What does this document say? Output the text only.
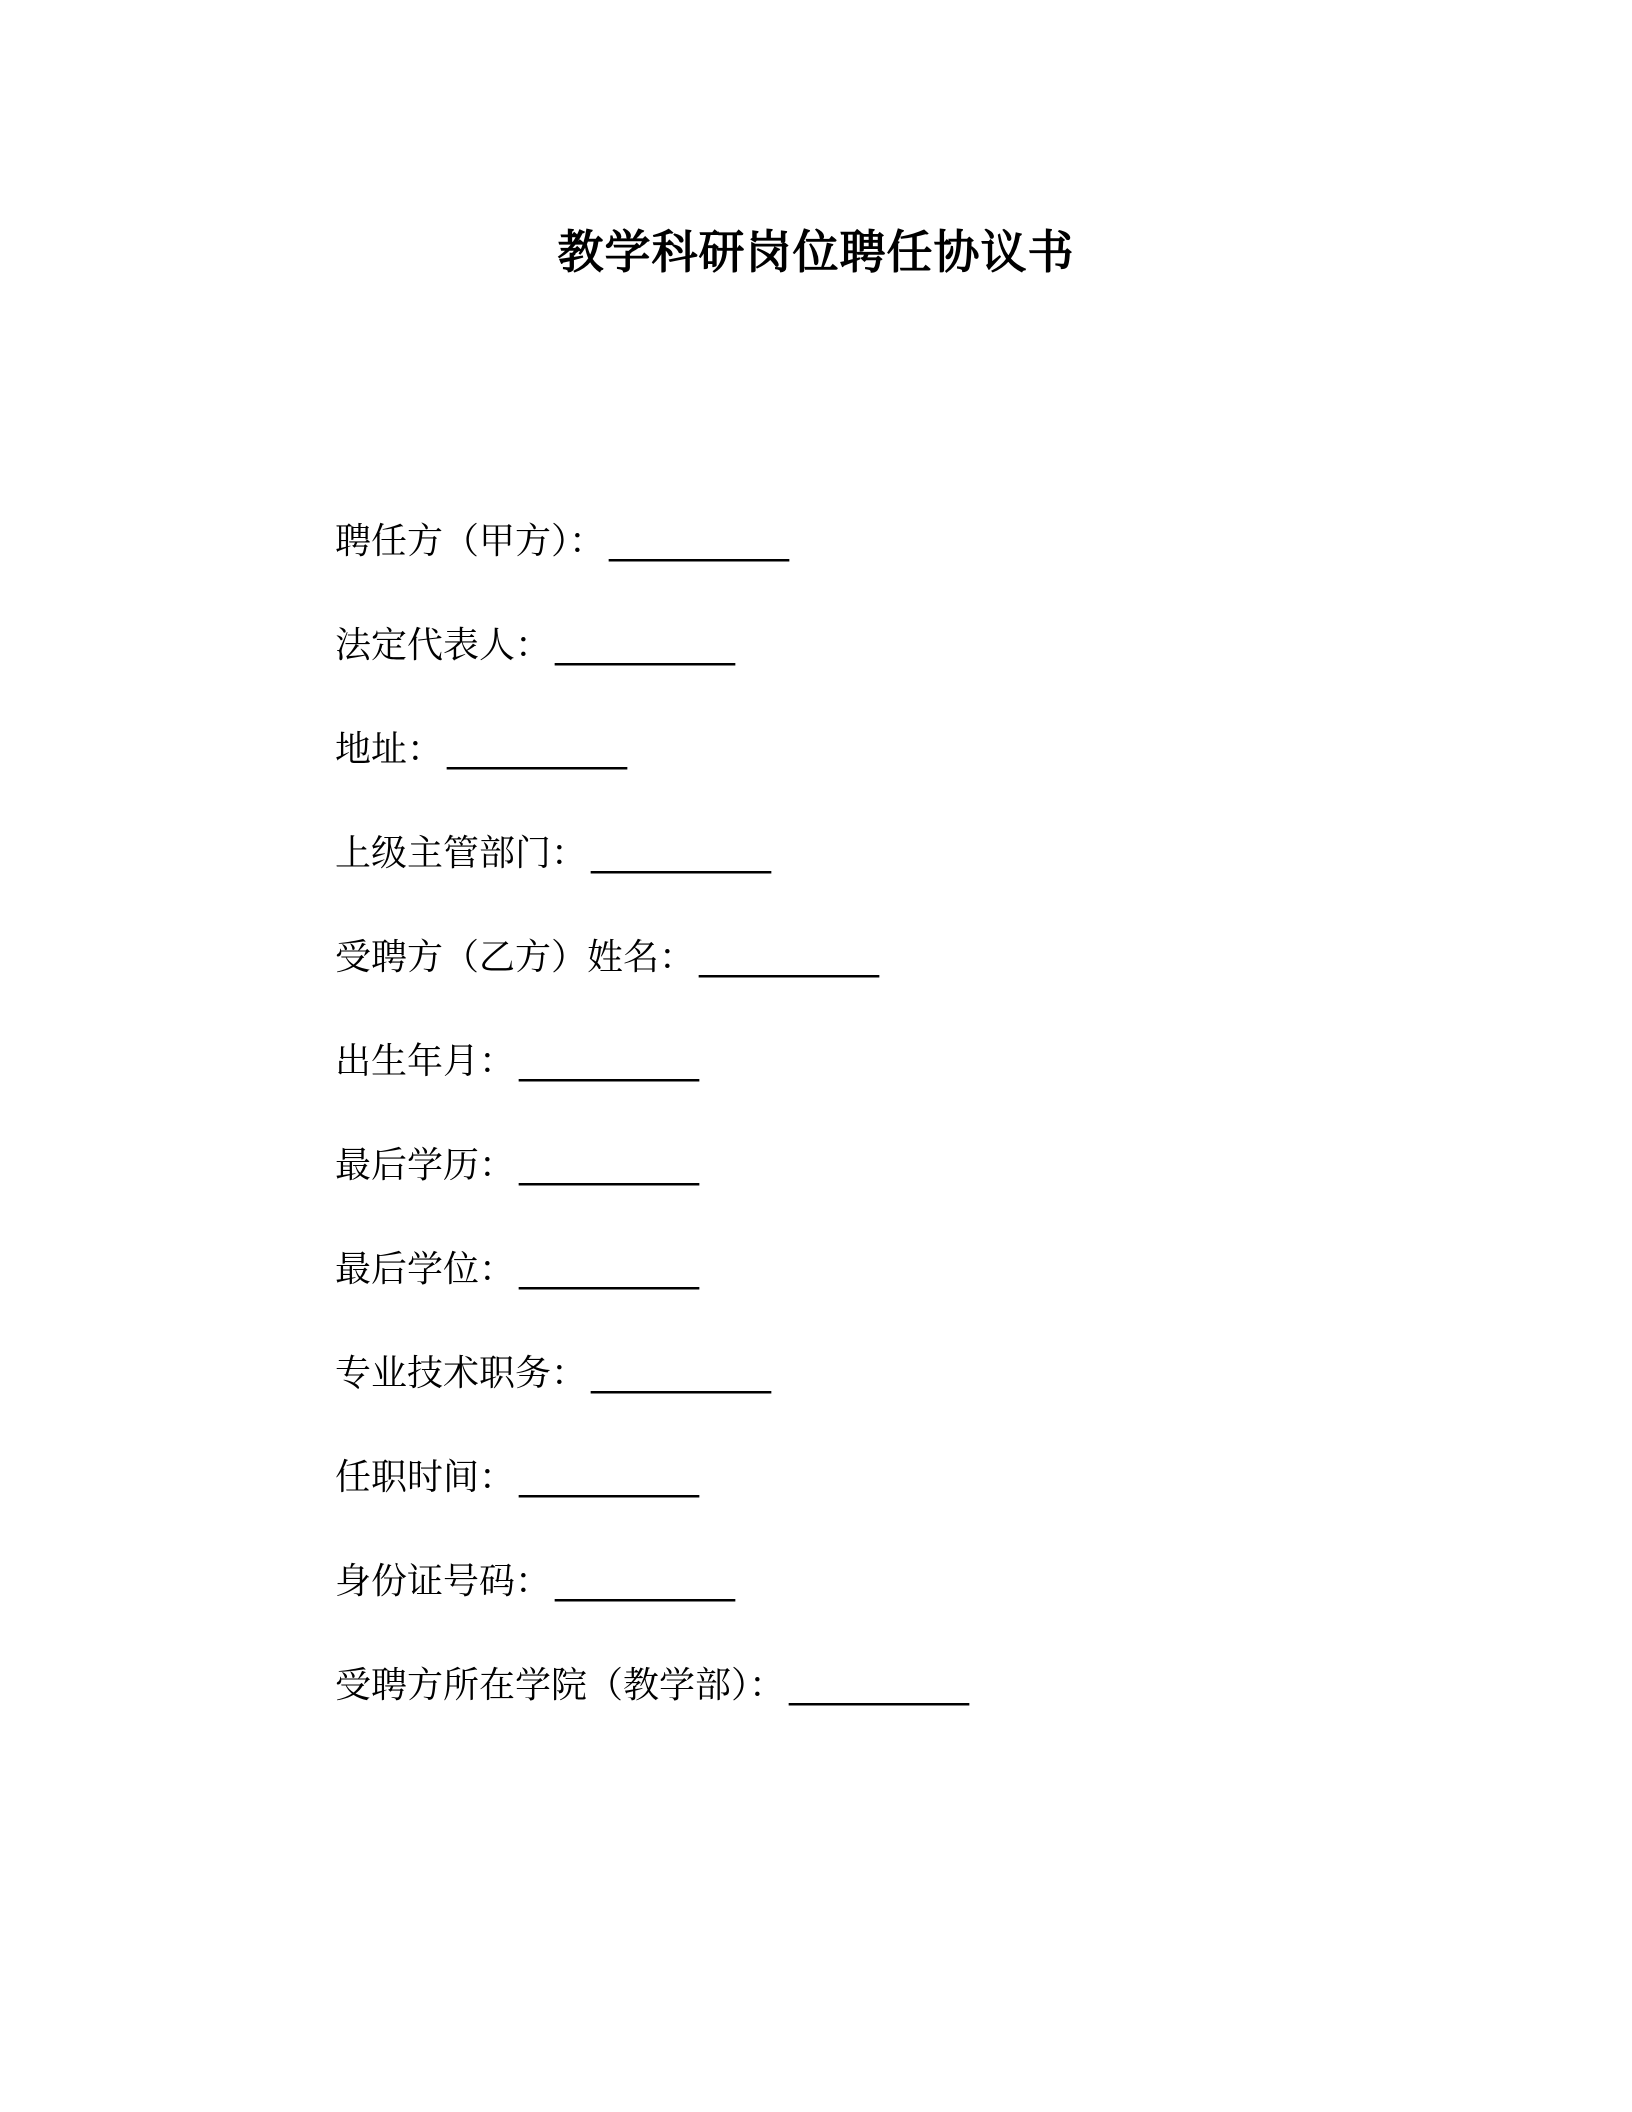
教学科研岗位聘任协议书
聘任方（甲方）： __________
法定代表人： __________
地址： __________
上级主管部门： __________
受聘方（乙方）姓名： __________
出生年月： __________
最后学历： __________
最后学位： __________
专业技术职务： __________
任职时间： __________
身份证号码： __________
受聘方所在学院（教学部）： __________
